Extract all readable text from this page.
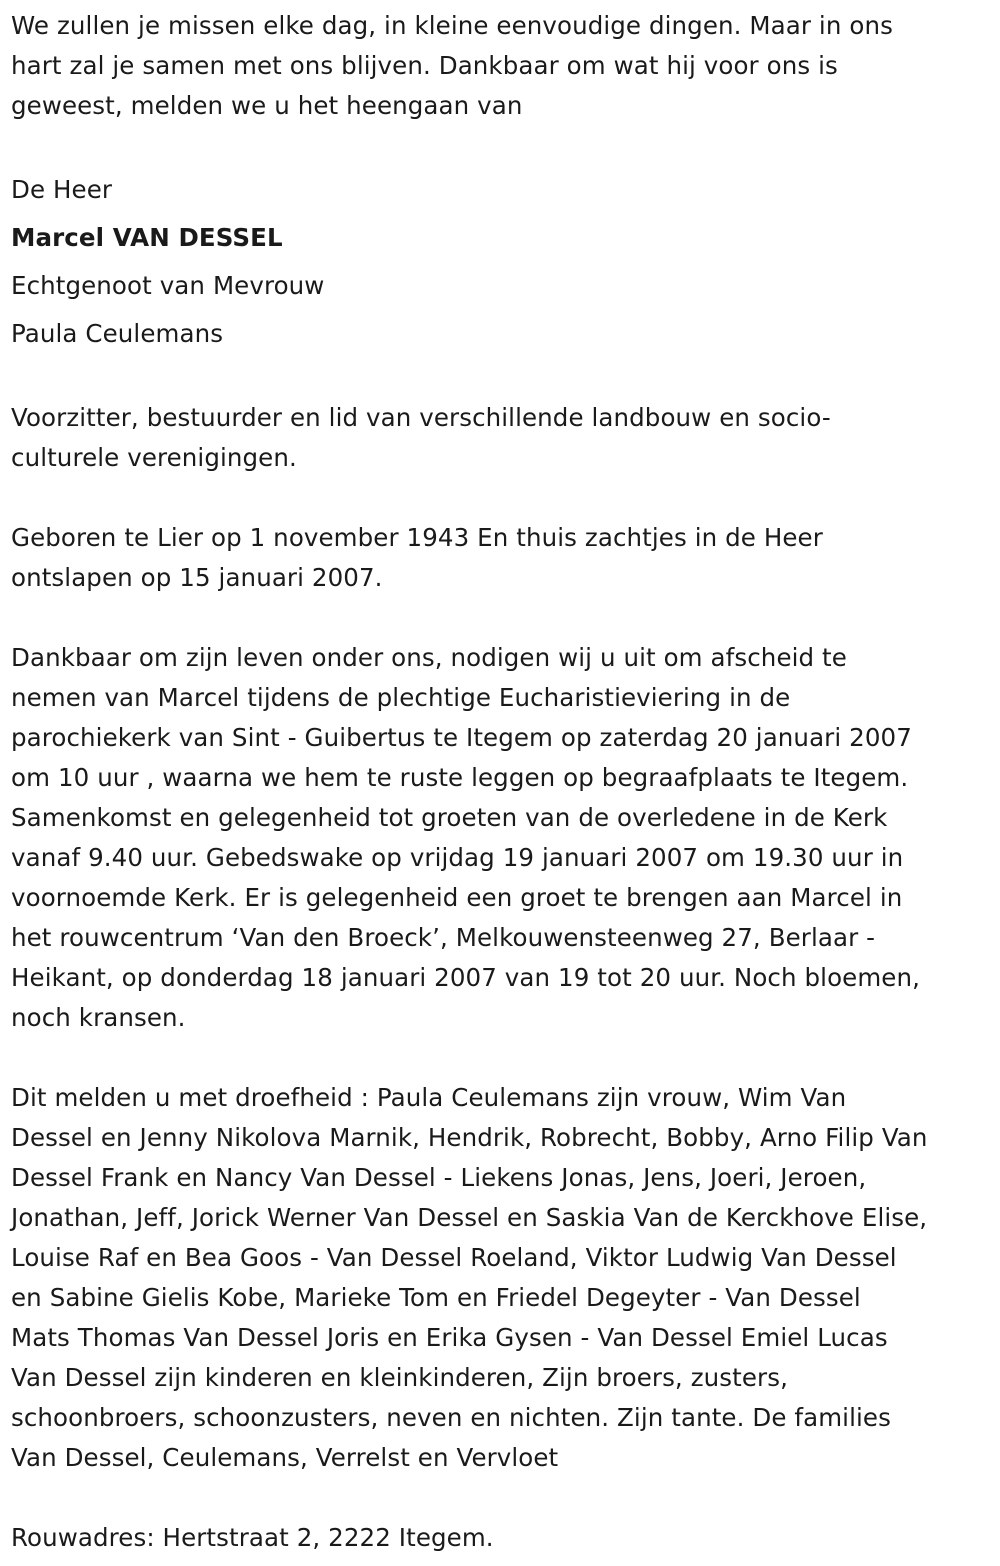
We zullen je missen elke dag, in kleine eenvoudige dingen. Maar in ons
hart zal je samen met ons blijven. Dankbaar om wat hij voor ons is
geweest, melden we u het heengaan van

De Heer

Marcel VAN DESSEL

Echtgenoot van Mevrouw

Paula Ceulemans

Voorzitter, bestuurder en lid van verschillende landbouw en socio-
culturele verenigingen.

Geboren te Lier op 1 november 1943 En thuis zachtjes in de Heer
ontslapen op 15 januari 2007.

Dankbaar om zijn leven onder ons, nodigen wij u uit om afscheid te
nemen van Marcel tijdens de plechtige Eucharistieviering in de
parochiekerk van Sint - Guibertus te Itegem op zaterdag 20 januari 2007
om 10 uur , waarna we hem te ruste leggen op begraafplaats te Itegem.
Samenkomst en gelegenheid tot groeten van de overledene in de Kerk
vanaf 9.40 uur. Gebedswake op vrijdag 19 januari 2007 om 19.30 uur in
voornoemde Kerk. Er is gelegenheid een groet te brengen aan Marcel in
het rouwcentrum ‘Van den Broeck’, Melkouwensteenweg 27, Berlaar -
Heikant, op donderdag 18 januari 2007 van 19 tot 20 uur. Noch bloemen,
noch kransen.

Dit melden u met droefheid : Paula Ceulemans zijn vrouw, Wim Van
Dessel en Jenny Nikolova Marnik, Hendrik, Robrecht, Bobby, Arno Filip Van
Dessel Frank en Nancy Van Dessel - Liekens Jonas, Jens, Joeri, Jeroen,
Jonathan, Jeff, Jorick Werner Van Dessel en Saskia Van de Kerckhove Elise,
Louise Raf en Bea Goos - Van Dessel Roeland, Viktor Ludwig Van Dessel
en Sabine Gielis Kobe, Marieke Tom en Friedel Degeyter - Van Dessel
Mats Thomas Van Dessel Joris en Erika Gysen - Van Dessel Emiel Lucas
Van Dessel zijn kinderen en kleinkinderen, Zijn broers, zusters,
schoonbroers, schoonzusters, neven en nichten. Zijn tante. De families
Van Dessel, Ceulemans, Verrelst en Vervloet

Rouwadres: Hertstraat 2, 2222 Itegem.
